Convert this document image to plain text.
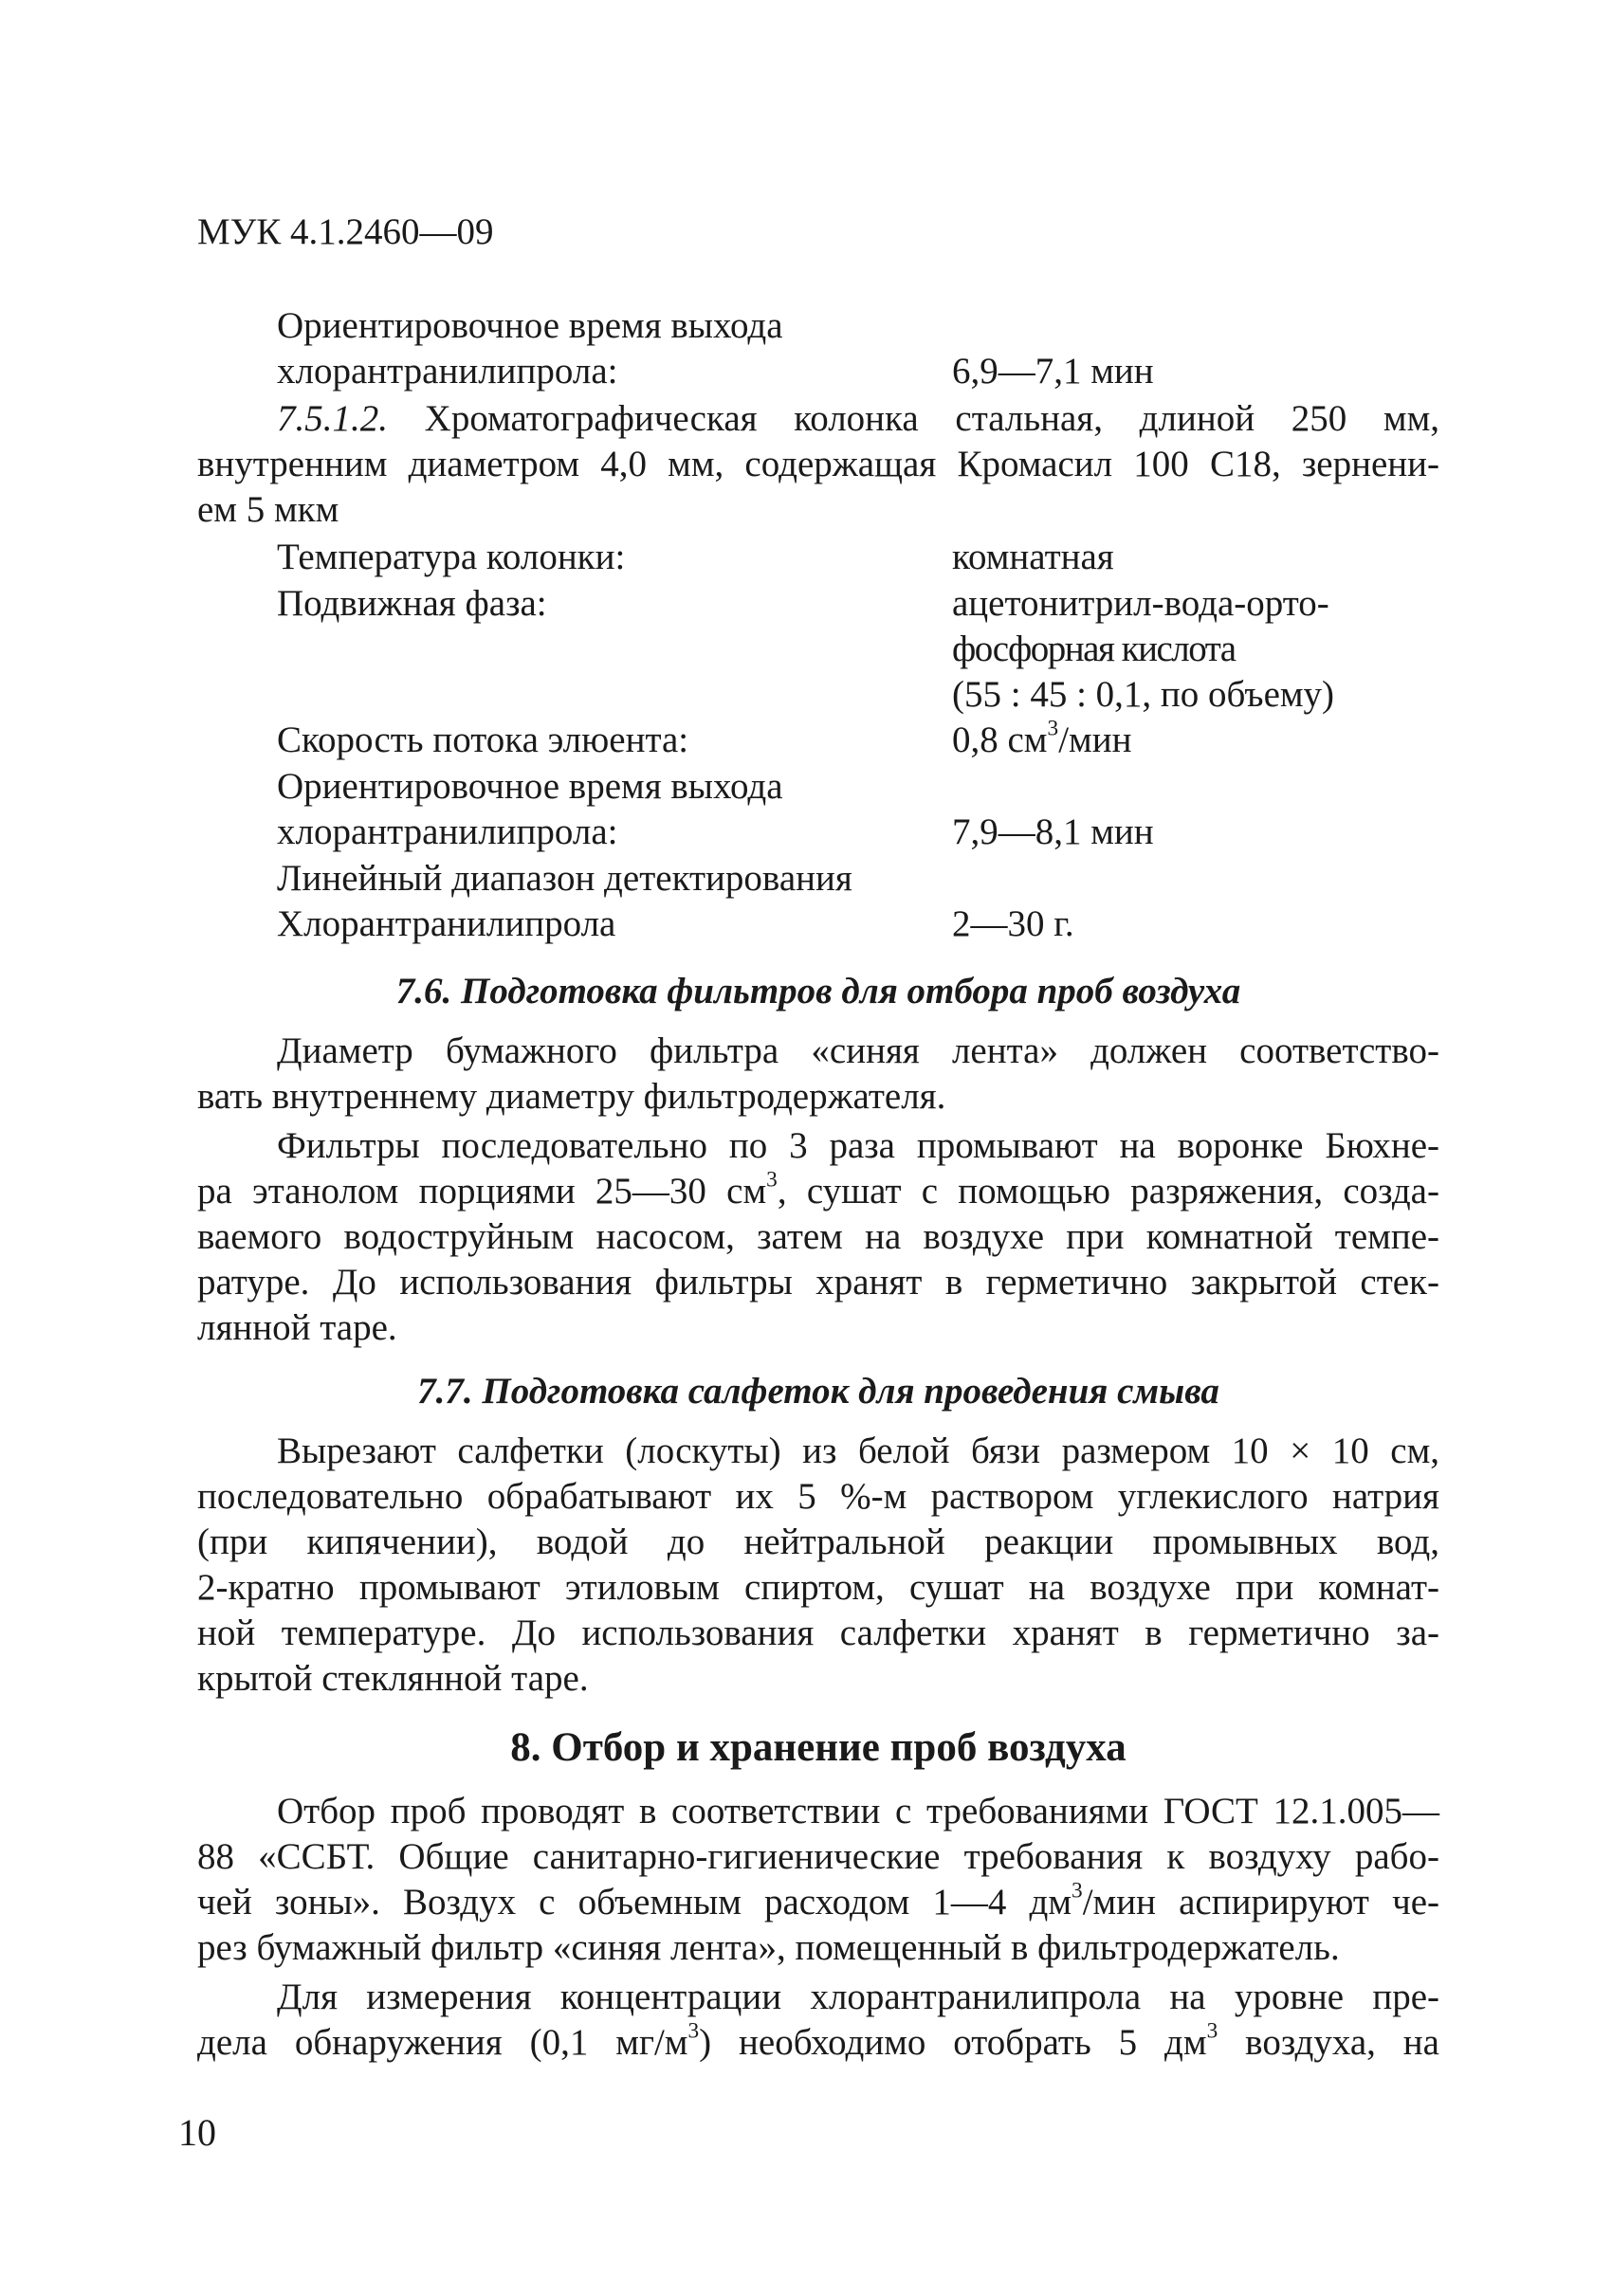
МУК 4.1.2460—09
Ориентировочное время выхода
хлорантранилипрола:	6,9—7,1 мин
7.5.1.2. Хроматографическая колонка стальная, длиной 250 мм,
внутренним диаметром 4,0 мм, содержащая Кромасил 100 С18, зернени-
ем 5 мкм
Температура колонки:	комнатная
Подвижная фаза:	ацетонитрил-вода-орто-
фосфорная кислота
(55 : 45 : 0,1, по объему)
Скорость потока элюента:	0,8 $см^3$/мин
Ориентировочное время выхода
хлорантранилипрола:	7,9—8,1 мин
Линейный диапазон детектирования
Хлорантранилипрола	2—30 г.
7.6. Подготовка фильтров для отбора проб воздуха
Диаметр бумажного фильтра «синяя лента» должен соответство-
вать внутреннему диаметру фильтродержателя.
Фильтры последовательно по 3 раза промывают на воронке Бюхне-
ра этанолом порциями 25—30 $см^3$, сушат с помощью разряжения, созда-
ваемого водоструйным насосом, затем на воздухе при комнатной темпе-
ратуре. До использования фильтры хранят в герметично закрытой стек-
лянной таре.
7.7. Подготовка салфеток для проведения смыва
Вырезают салфетки (лоскуты) из белой бязи размером 10 × 10 см,
последовательно обрабатывают их 5 %-м раствором углекислого натрия
(при кипячении), водой до нейтральной реакции промывных вод,
2-кратно промывают этиловым спиртом, сушат на воздухе при комнат-
ной температуре. До использования салфетки хранят в герметично за-
крытой стеклянной таре.
8. Отбор и хранение проб воздуха
Отбор проб проводят в соответствии с требованиями ГОСТ 12.1.005—
88 «ССБТ. Общие санитарно-гигиенические требования к воздуху рабо-
чей зоны». Воздух с объемным расходом 1—4 $дм^3$/мин аспирируют че-
рез бумажный фильтр «синяя лента», помещенный в фильтродержатель.
Для измерения концентрации хлорантранилипрола на уровне пре-
дела обнаружения (0,1 $мг/м^3$) необходимо отобрать 5 $дм^3$ воздуха, на
10
